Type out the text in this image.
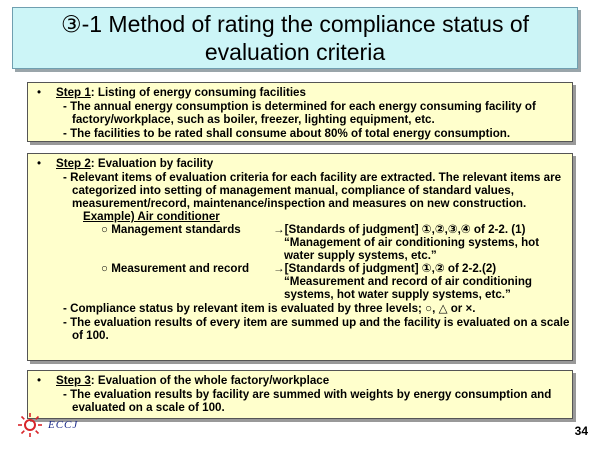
③-1 Method of rating the compliance status of
evaluation criteria
• Step 1: Listing of energy consuming facilities
- The annual energy consumption is determined for each energy consuming facility of factory/workplace, such as boiler, freezer, lighting equipment, etc.
- The facilities to be rated shall consume about 80% of total energy consumption.
• Step 2: Evaluation by facility
- Relevant items of evaluation criteria for each facility are extracted. The relevant items are categorized into setting of management manual, compliance of standard values, measurement/record, maintenance/inspection and measures on new construction.
Example) Air conditioner
○ Management standards	→[Standards of judgment] ①,②,③,④ of 2-2. (1) “Management of air conditioning systems, hot water supply systems, etc.”
○ Measurement and record	→[Standards of judgment] ①,② of 2-2.(2) “Measurement and record of air conditioning systems, hot water supply systems, etc.”
- Compliance status by relevant item is evaluated by three levels; ○, △ or ×.
- The evaluation results of every item are summed up and the facility is evaluated on a scale of 100.
• Step 3: Evaluation of the whole factory/workplace
- The evaluation results by facility are summed with weights by energy consumption and evaluated on a scale of 100.
ECCJ	34
